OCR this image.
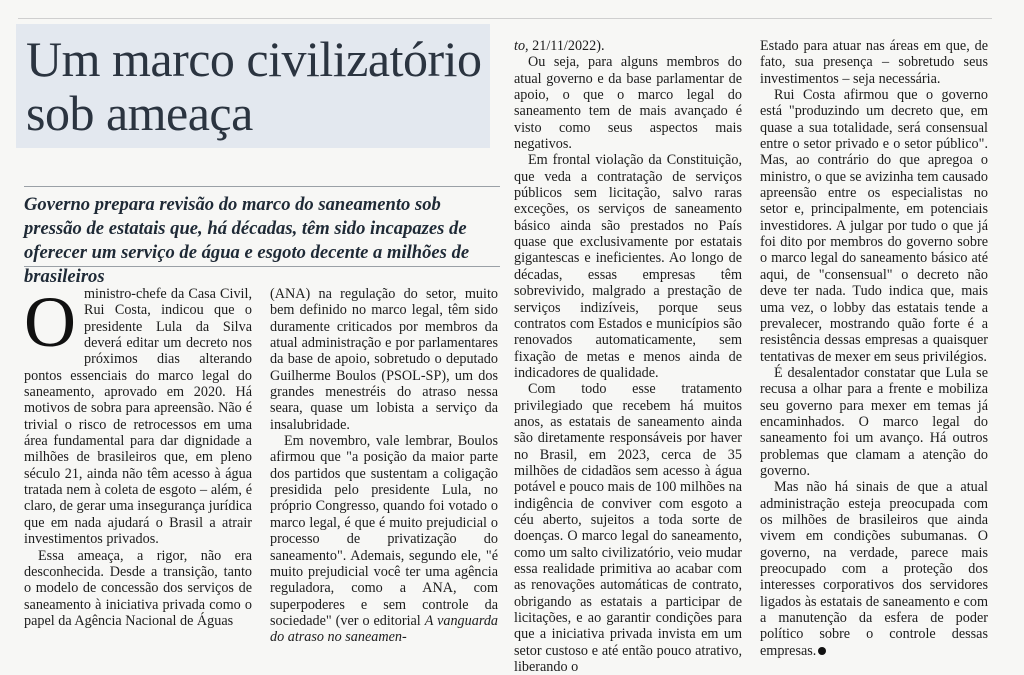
Um marco civilizatório
sob ameaça

Governo prepara revisão do marco do saneamento sob pressão de estatais que, há décadas, têm sido incapazes de oferecer um serviço de água e esgoto decente a milhões de brasileiros

Oministro-chefe da Casa Civil, Rui Costa, indicou que o presidente Lula da Silva deverá editar um decreto nos próximos dias alterando pontos essenciais do marco legal do saneamento, aprovado em 2020. Há motivos de sobra para apreensão. Não é trivial o risco de retrocessos em uma área fundamental para dar dignidade a milhões de brasileiros que, em pleno século 21, ainda não têm acesso à água tratada nem à coleta de esgoto – além, é claro, de gerar uma insegurança jurídica que em nada ajudará o Brasil a atrair investimentos privados.

Essa ameaça, a rigor, não era desconhecida. Desde a transição, tanto o modelo de concessão dos serviços de saneamento à iniciativa privada como o papel da Agência Nacional de Águas

(ANA) na regulação do setor, muito bem definido no marco legal, têm sido duramente criticados por membros da atual administração e por parlamentares da base de apoio, sobretudo o deputado Guilherme Boulos (PSOL-SP), um dos grandes menestréis do atraso nessa seara, quase um lobista a serviço da insalubridade.

Em novembro, vale lembrar, Boulos afirmou que "a posição da maior parte dos partidos que sustentam a coligação presidida pelo presidente Lula, no próprio Congresso, quando foi votado o marco legal, é que é muito prejudicial o processo de privatização do saneamento". Ademais, segundo ele, "é muito prejudicial você ter uma agência reguladora, como a ANA, com superpoderes e sem controle da sociedade" (ver o editorial A vanguarda do atraso no saneamen-

to, 21/11/2022).

Ou seja, para alguns membros do atual governo e da base parlamentar de apoio, o que o marco legal do saneamento tem de mais avançado é visto como seus aspectos mais negativos.

Em frontal violação da Constituição, que veda a contratação de serviços públicos sem licitação, salvo raras exceções, os serviços de saneamento básico ainda são prestados no País quase que exclusivamente por estatais gigantescas e ineficientes. Ao longo de décadas, essas empresas têm sobrevivido, malgrado a prestação de serviços indizíveis, porque seus contratos com Estados e municípios são renovados automaticamente, sem fixação de metas e menos ainda de indicadores de qualidade.

Com todo esse tratamento privilegiado que recebem há muitos anos, as estatais de saneamento ainda são diretamente responsáveis por haver no Brasil, em 2023, cerca de 35 milhões de cidadãos sem acesso à água potável e pouco mais de 100 milhões na indigência de conviver com esgoto a céu aberto, sujeitos a toda sorte de doenças. O marco legal do saneamento, como um salto civilizatório, veio mudar essa realidade primitiva ao acabar com as renovações automáticas de contrato, obrigando as estatais a participar de licitações, e ao garantir condições para que a iniciativa privada invista em um setor custoso e até então pouco atrativo, liberando o

Estado para atuar nas áreas em que, de fato, sua presença – sobretudo seus investimentos – seja necessária.

Rui Costa afirmou que o governo está "produzindo um decreto que, em quase a sua totalidade, será consensual entre o setor privado e o setor público". Mas, ao contrário do que apregoa o ministro, o que se avizinha tem causado apreensão entre os especialistas no setor e, principalmente, em potenciais investidores. A julgar por tudo o que já foi dito por membros do governo sobre o marco legal do saneamento básico até aqui, de "consensual" o decreto não deve ter nada. Tudo indica que, mais uma vez, o lobby das estatais tende a prevalecer, mostrando quão forte é a resistência dessas empresas a quaisquer tentativas de mexer em seus privilégios.

É desalentador constatar que Lula se recusa a olhar para a frente e mobiliza seu governo para mexer em temas já encaminhados. O marco legal do saneamento foi um avanço. Há outros problemas que clamam a atenção do governo.

Mas não há sinais de que a atual administração esteja preocupada com os milhões de brasileiros que ainda vivem em condições subumanas. O governo, na verdade, parece mais preocupado com a proteção dos interesses corporativos dos servidores ligados às estatais de saneamento e com a manutenção da esfera de poder político sobre o controle dessas empresas.
